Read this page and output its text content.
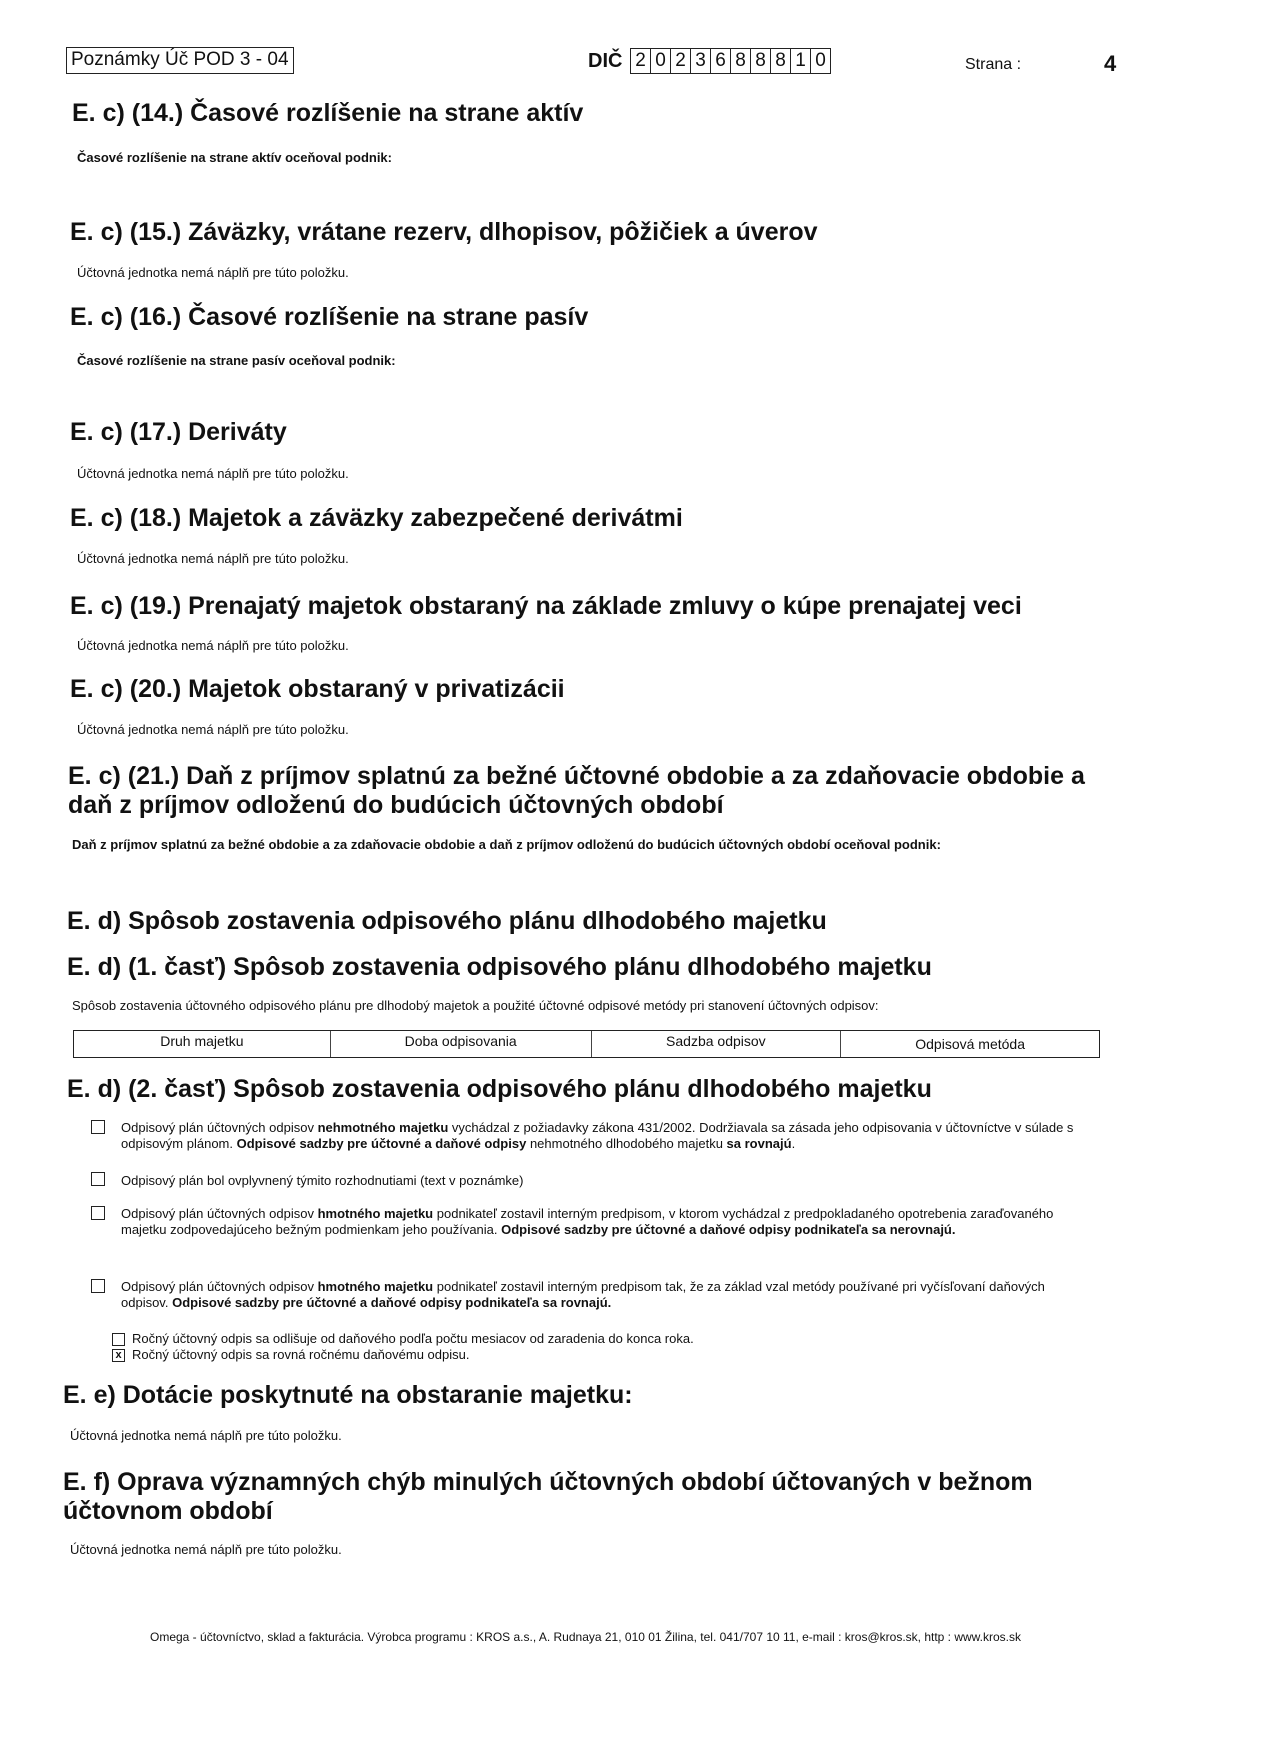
Poznámky Úč POD 3 - 04	DIČ 2 0 2 3 6 8 8 8 1 0	Strana :	4
E. c) (14.) Časové rozlíšenie na strane aktív
Časové rozlíšenie na strane aktív oceňoval podnik:
E. c) (15.) Záväzky, vrátane rezerv, dlhopisov, pôžičiek a úverov
Účtovná jednotka nemá náplň pre túto položku.
E. c) (16.) Časové rozlíšenie na strane pasív
Časové rozlíšenie na strane pasív oceňoval podnik:
E. c) (17.) Deriváty
Účtovná jednotka nemá náplň pre túto položku.
E. c) (18.) Majetok a záväzky zabezpečené derivátmi
Účtovná jednotka nemá náplň pre túto položku.
E. c) (19.) Prenajatý majetok obstaraný na základe zmluvy o kúpe prenajatej veci
Účtovná jednotka nemá náplň pre túto položku.
E. c) (20.) Majetok obstaraný v privatizácii
Účtovná jednotka nemá náplň pre túto položku.
E. c) (21.) Daň z príjmov splatnú za bežné účtovné obdobie a za zdaňovacie obdobie a daň z príjmov odloženú do budúcich účtovných období
Daň z príjmov splatnú za bežné obdobie a za zdaňovacie obdobie a daň z príjmov odloženú do budúcich účtovných období oceňoval podnik:
E. d) Spôsob zostavenia odpisového plánu dlhodobého majetku
E. d) (1. časť) Spôsob zostavenia odpisového plánu dlhodobého majetku
Spôsob zostavenia účtovného odpisového plánu pre dlhodobý majetok a použité účtovné odpisové metódy pri stanovení účtovných odpisov:
Druh majetku	Doba odpisovania	Sadzba odpisov	Odpisová metóda
E. d) (2. časť) Spôsob zostavenia odpisového plánu dlhodobého majetku
Odpisový plán účtovných odpisov nehmotného majetku vychádzal z požiadavky zákona 431/2002. Dodržiavala sa zásada jeho odpisovania v účtovníctve v súlade s odpisovým plánom. Odpisové sadzby pre účtovné a daňové odpisy nehmotného dlhodobého majetku sa rovnajú.
Odpisový plán bol ovplyvnený týmito rozhodnutiami (text v poznámke)
Odpisový plán účtovných odpisov hmotného majetku podnikateľ zostavil interným predpisom, v ktorom vychádzal z predpokladaného opotrebenia zaraďovaného majetku zodpovedajúceho bežným podmienkam jeho používania. Odpisové sadzby pre účtovné a daňové odpisy podnikateľa sa nerovnajú.
Odpisový plán účtovných odpisov hmotného majetku podnikateľ zostavil interným predpisom tak, že za základ vzal metódy používané pri vyčísľovaní daňových odpisov. Odpisové sadzby pre účtovné a daňové odpisy podnikateľa sa rovnajú.
Ročný účtovný odpis sa odlišuje od daňového podľa počtu mesiacov od zaradenia do konca roka.
x Ročný účtovný odpis sa rovná ročnému daňovému odpisu.
E. e) Dotácie poskytnuté na obstaranie majetku:
Účtovná jednotka nemá náplň pre túto položku.
E. f) Oprava významných chýb minulých účtovných období účtovaných v bežnom účtovnom období
Účtovná jednotka nemá náplň pre túto položku.
Omega - účtovníctvo, sklad a fakturácia. Výrobca programu : KROS a.s., A. Rudnaya 21, 010 01 Žilina, tel. 041/707 10 11, e-mail : kros@kros.sk, http : www.kros.sk
